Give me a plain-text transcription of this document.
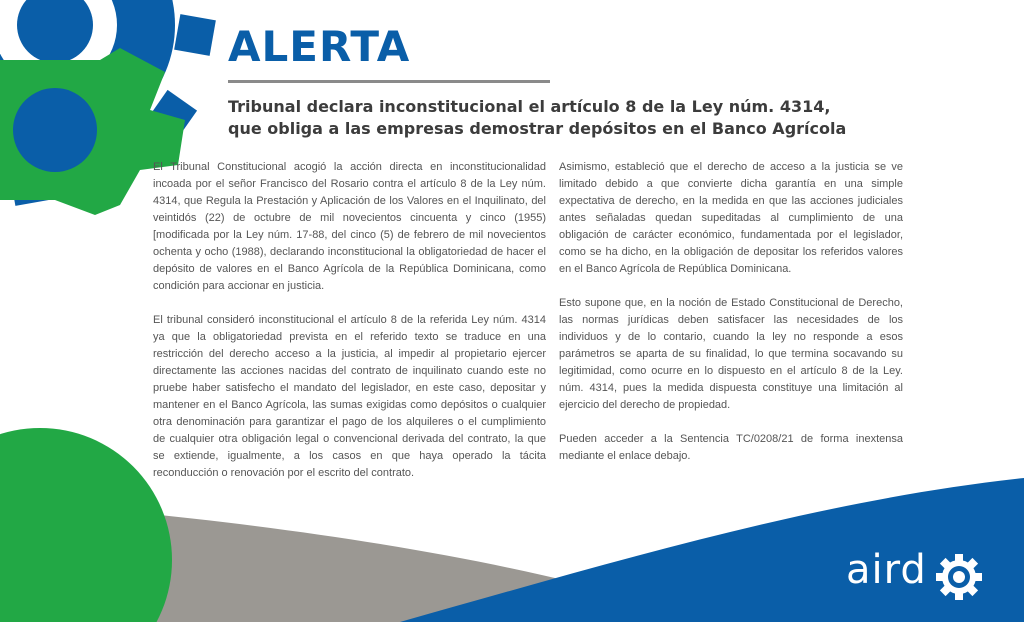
ALERTA
Tribunal declara inconstitucional el artículo 8 de la Ley núm. 4314,
que obliga a las empresas demostrar depósitos en el Banco Agrícola

El Tribunal Constitucional acogió la acción directa en inconstitucionalidad incoada por el señor Francisco del Rosario contra el artículo 8 de la Ley núm. 4314, que Regula la Prestación y Aplicación de los Valores en el Inquilinato, del veintidós (22) de octubre de mil novecientos cincuenta y cinco (1955) [modificada por la Ley núm. 17-88, del cinco (5) de febrero de mil novecientos ochenta y ocho (1988), declarando inconstitucional la obligatoriedad de hacer el depósito de valores en el Banco Agrícola de la República Dominicana, como condición para accionar en justicia.

El tribunal consideró inconstitucional el artículo 8 de la referida Ley núm. 4314 ya que la obligatoriedad prevista en el referido texto se traduce en una restricción del derecho acceso a la justicia, al impedir al propietario ejercer directamente las acciones nacidas del contrato de inquilinato cuando este no pruebe haber satisfecho el mandato del legislador, en este caso, depositar y mantener en el Banco Agrícola, las sumas exigidas como depósitos o cualquier otra denominación para garantizar el pago de los alquileres o el cumplimiento de cualquier otra obligación legal o convencional derivada del contrato, la que se extiende, igualmente, a los casos en que haya operado la tácita reconducción o renovación por el escrito del contrato.

Asimismo, estableció que el derecho de acceso a la justicia se ve limitado debido a que convierte dicha garantía en una simple expectativa de derecho, en la medida en que las acciones judiciales antes señaladas quedan supeditadas al cumplimiento de una obligación de carácter económico, fundamentada por el legislador, como se ha dicho, en la obligación de depositar los referidos valores en el Banco Agrícola de República Dominicana.

Esto supone que, en la noción de Estado Constitucional de Derecho, las normas jurídicas deben satisfacer las necesidades de los individuos y de lo contario, cuando la ley no responde a esos parámetros se aparta de su finalidad, lo que termina socavando su legitimidad, como ocurre en lo dispuesto en el artículo 8 de la Ley. núm. 4314, pues la medida dispuesta constituye una limitación al ejercicio del derecho de propiedad.

Pueden acceder a la Sentencia TC/0208/21 de forma inextensa mediante el enlace debajo.

aird
